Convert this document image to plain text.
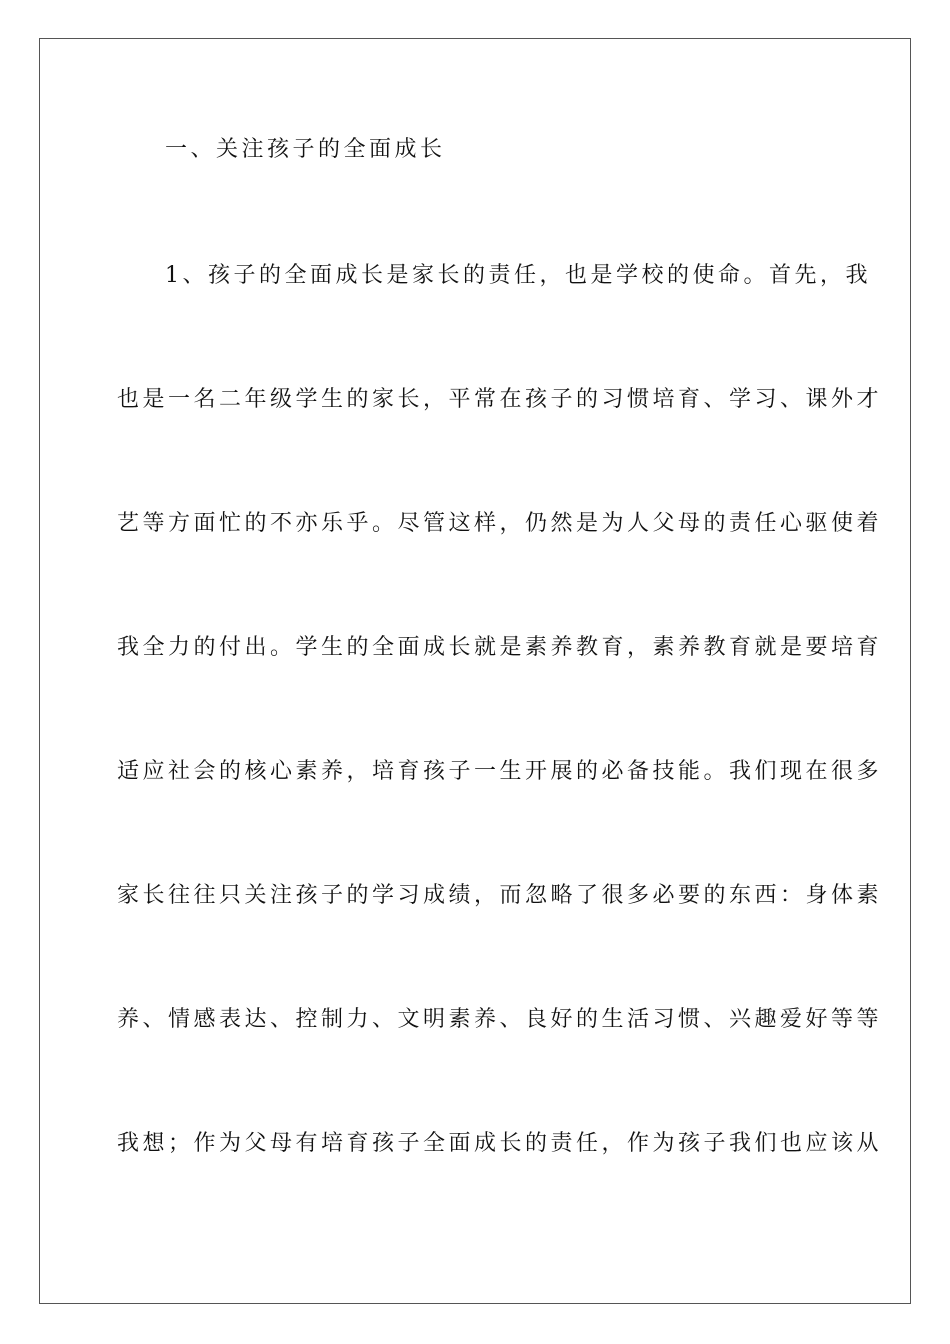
一、关注孩子的全面成长
1、孩子的全面成长是家长的责任，也是学校的使命。首先，我
也是一名二年级学生的家长，平常在孩子的习惯培育、学习、课外才
艺等方面忙的不亦乐乎。尽管这样，仍然是为人父母的责任心驱使着
我全力的付出。学生的全面成长就是素养教育，素养教育就是要培育
适应社会的核心素养，培育孩子一生开展的必备技能。我们现在很多
家长往往只关注孩子的学习成绩，而忽略了很多必要的东西：身体素
养、情感表达、控制力、文明素养、良好的生活习惯、兴趣爱好等等
我想；作为父母有培育孩子全面成长的责任，作为孩子我们也应该从
